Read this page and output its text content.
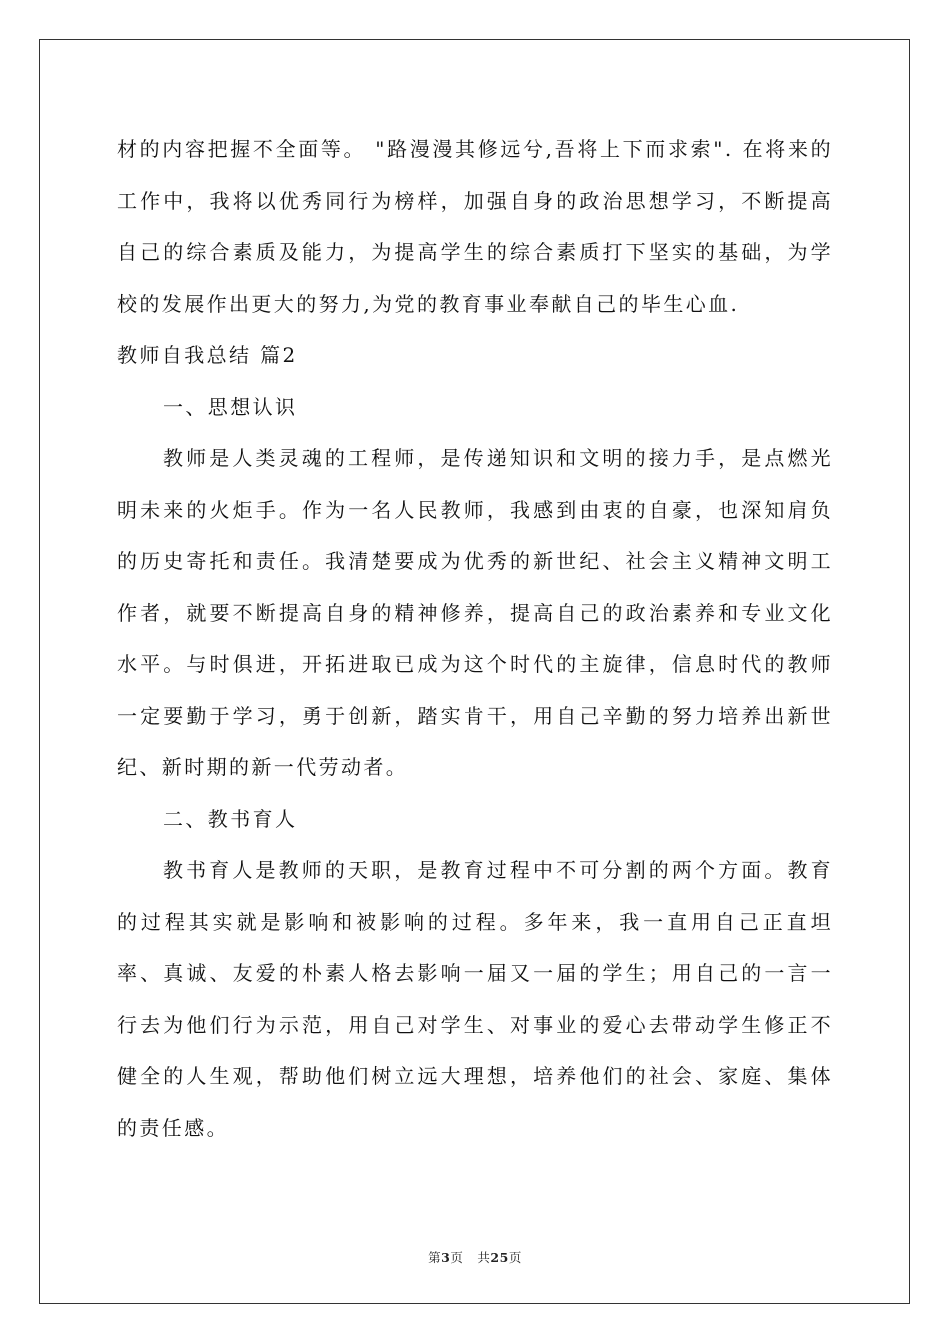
材的内容把握不全面等。 "路漫漫其修远兮,吾将上下而求索". 在将来的工作中，我将以优秀同行为榜样，加强自身的政治思想学习，不断提高自己的综合素质及能力，为提高学生的综合素质打下坚实的基础，为学校的发展作出更大的努力,为党的教育事业奉献自己的毕生心血.

教师自我总结 篇2

一、思想认识

教师是人类灵魂的工程师，是传递知识和文明的接力手，是点燃光明未来的火炬手。作为一名人民教师，我感到由衷的自豪，也深知肩负的历史寄托和责任。我清楚要成为优秀的新世纪、社会主义精神文明工作者，就要不断提高自身的精神修养，提高自己的政治素养和专业文化水平。与时俱进，开拓进取已成为这个时代的主旋律，信息时代的教师一定要勤于学习，勇于创新，踏实肯干，用自己辛勤的努力培养出新世纪、新时期的新一代劳动者。

二、教书育人

教书育人是教师的天职，是教育过程中不可分割的两个方面。教育的过程其实就是影响和被影响的过程。多年来，我一直用自己正直坦率、真诚、友爱的朴素人格去影响一届又一届的学生；用自己的一言一行去为他们行为示范，用自己对学生、对事业的爱心去带动学生修正不健全的人生观，帮助他们树立远大理想，培养他们的社会、家庭、集体的责任感。

第3页 共25页
